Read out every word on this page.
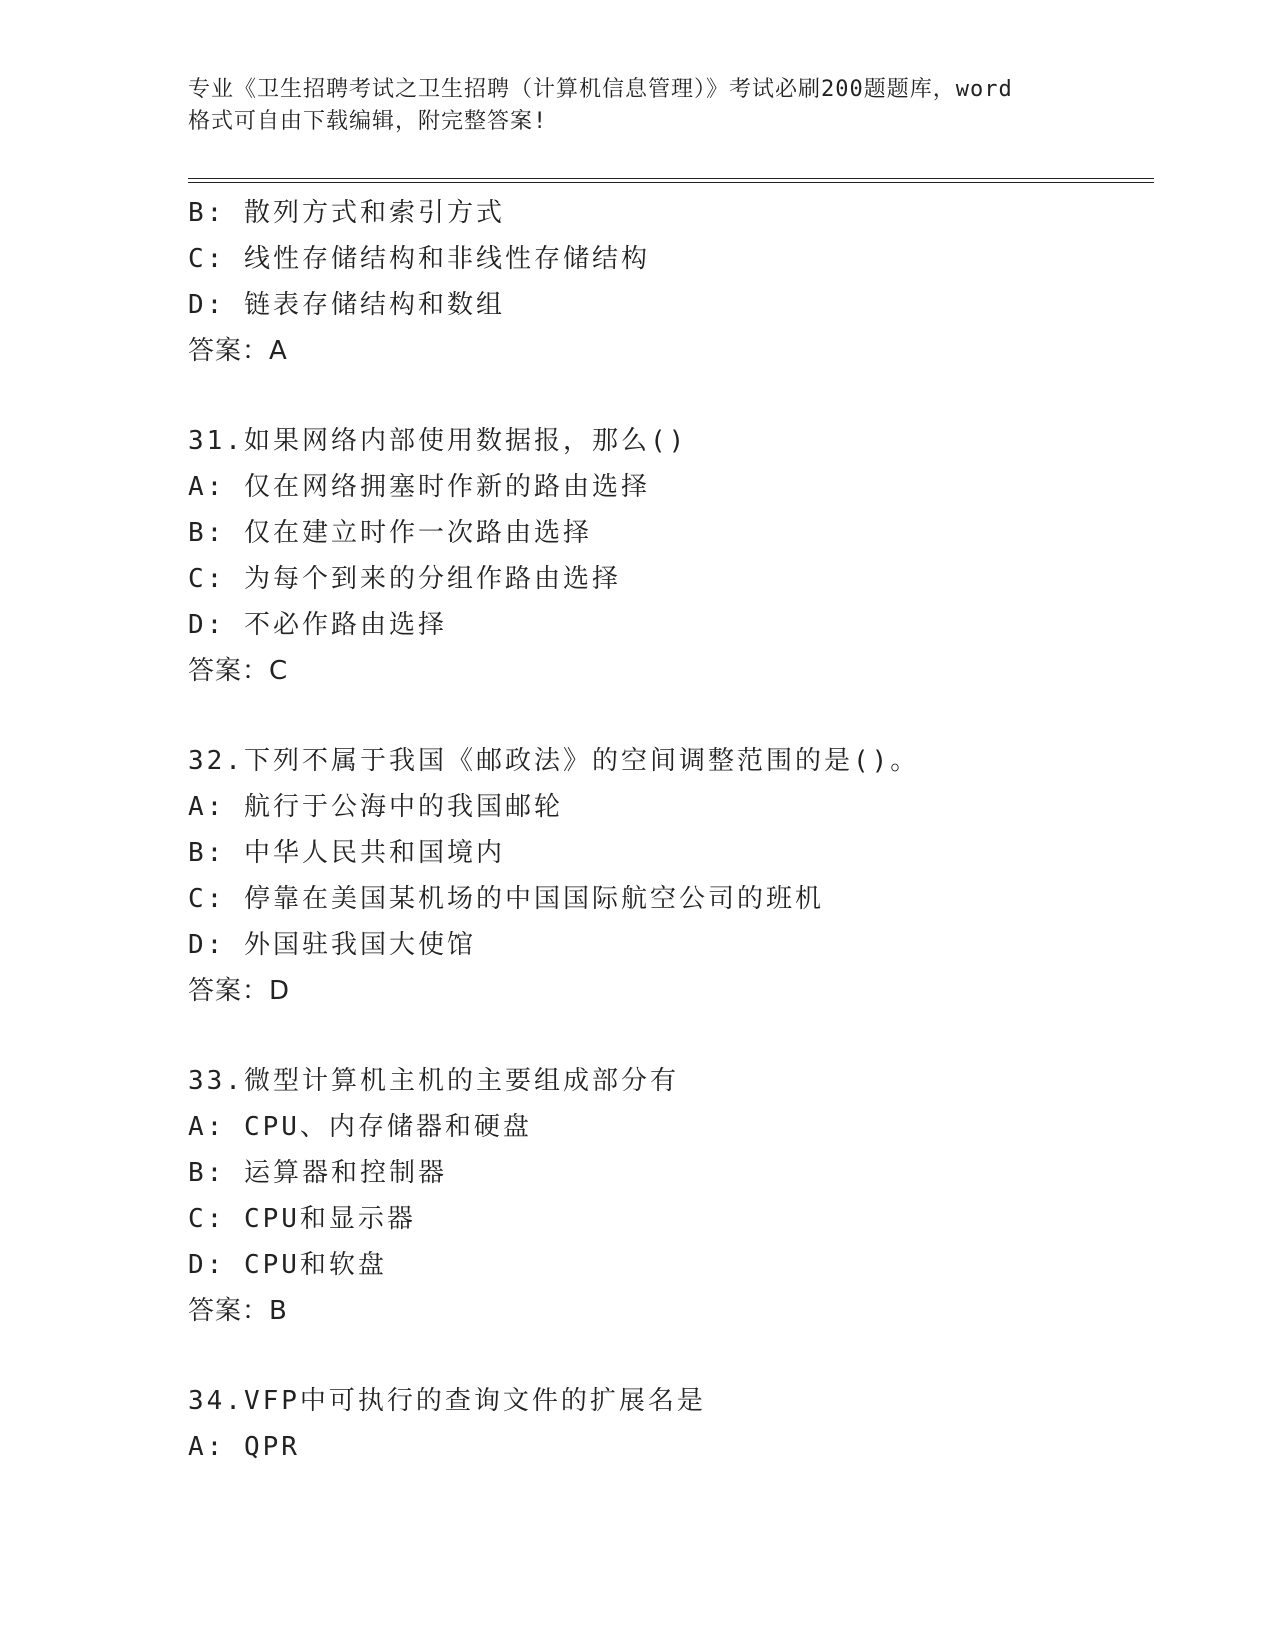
专业《卫生招聘考试之卫生招聘（计算机信息管理）》考试必刷200题题库，word
格式可自由下载编辑，附完整答案!
B: 散列方式和索引方式
C: 线性存储结构和非线性存储结构
D: 链表存储结构和数组
答案：A
31.如果网络内部使用数据报，那么()
A: 仅在网络拥塞时作新的路由选择
B: 仅在建立时作一次路由选择
C: 为每个到来的分组作路由选择
D: 不必作路由选择
答案：C
32.下列不属于我国《邮政法》的空间调整范围的是()。
A: 航行于公海中的我国邮轮
B: 中华人民共和国境内
C: 停靠在美国某机场的中国国际航空公司的班机
D: 外国驻我国大使馆
答案：D
33.微型计算机主机的主要组成部分有
A: CPU、内存储器和硬盘
B: 运算器和控制器
C: CPU和显示器
D: CPU和软盘
答案：B
34.VFP中可执行的查询文件的扩展名是
A: QPR
